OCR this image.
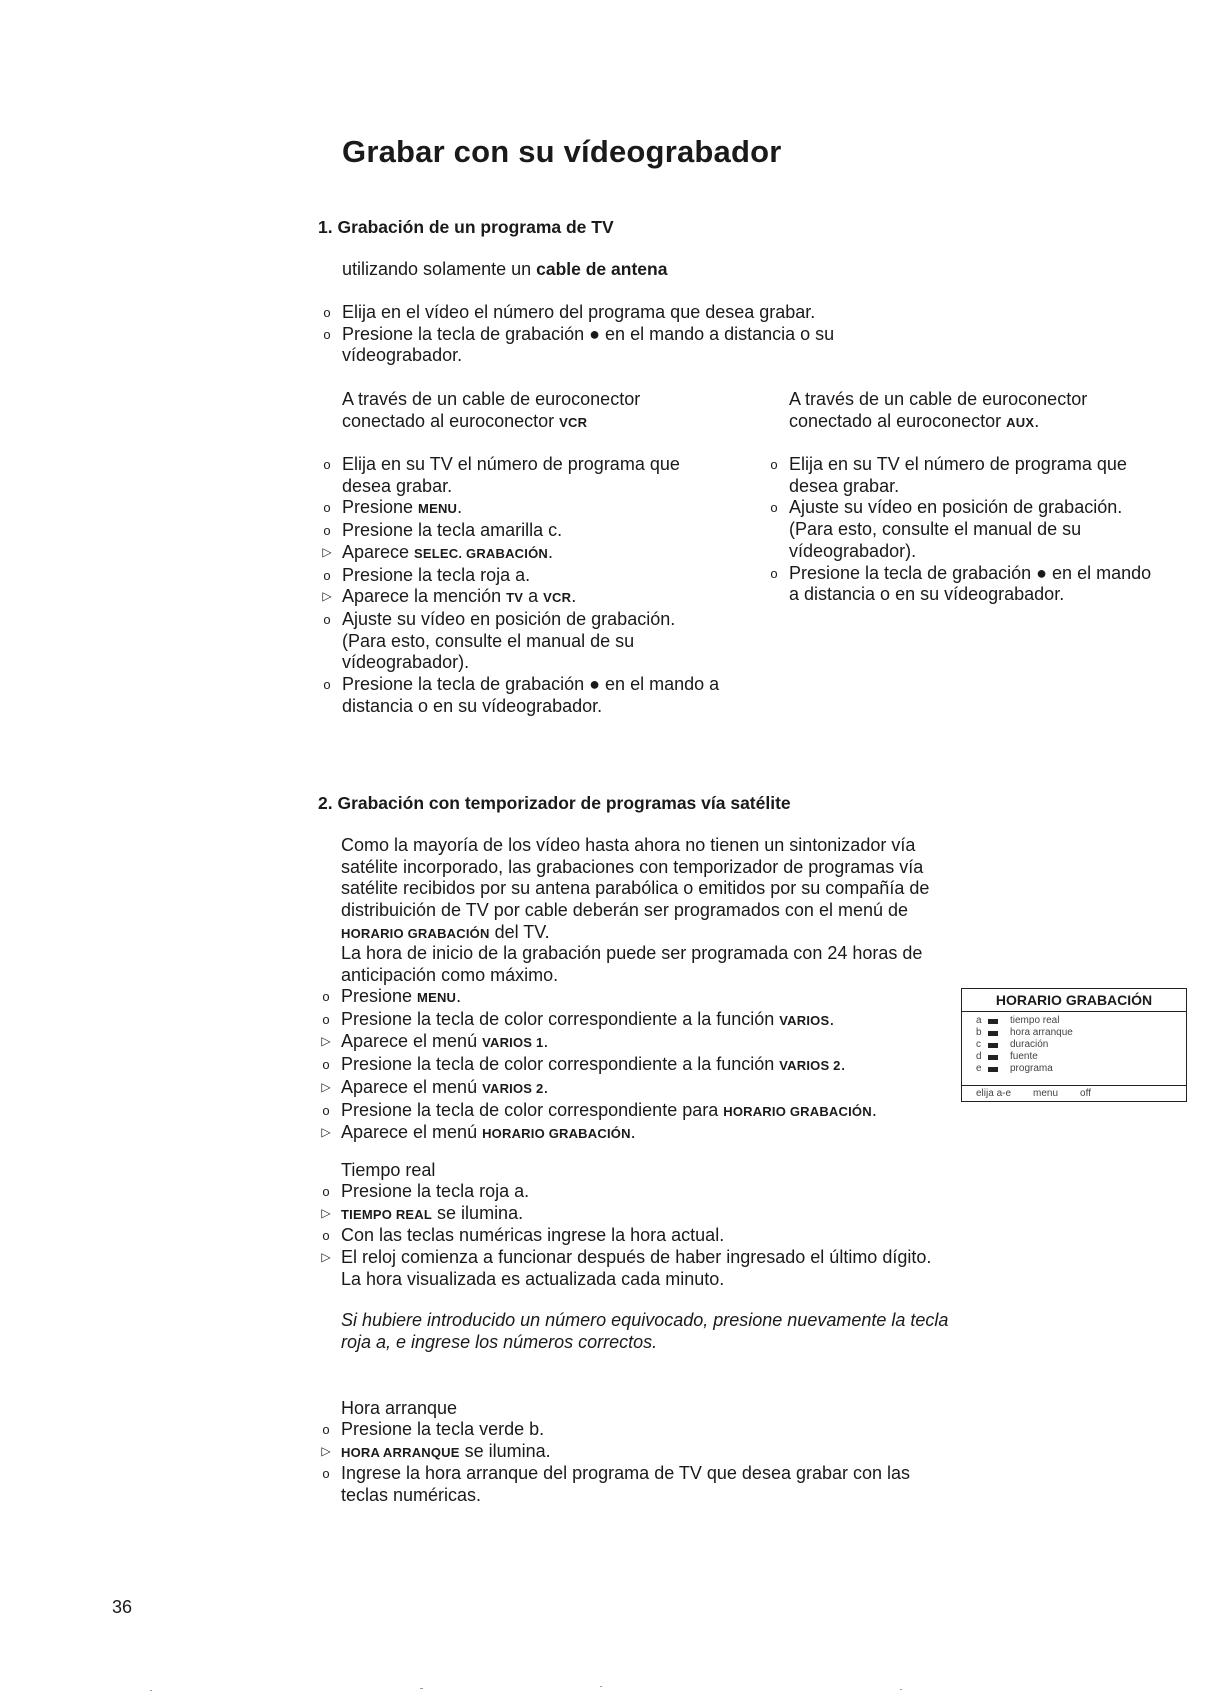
Grabar con su vídeograbador
1. Grabación de un programa de TV
utilizando solamente un cable de antena
o Elija en el vídeo el número del programa que desea grabar.
o Presione la tecla de grabación ● en el mando a distancia o su vídeograbador.
A través de un cable de euroconector
conectado al euroconector VCR
o Elija en su TV el número de programa que desea grabar.
o Presione MENU.
o Presione la tecla amarilla c.
▷ Aparece SELEC. GRABACIÓN.
o Presione la tecla roja a.
▷ Aparece la mención TV a VCR.
o Ajuste su vídeo en posición de grabación. (Para esto, consulte el manual de su vídeograbador).
o Presione la tecla de grabación ● en el mando a distancia o en su vídeograbador.
A través de un cable de euroconector
conectado al euroconector AUX.
o Elija en su TV el número de programa que desea grabar.
o Ajuste su vídeo en posición de grabación. (Para esto, consulte el manual de su vídeograbador).
o Presione la tecla de grabación ● en el mando a distancia o en su vídeograbador.
2. Grabación con temporizador de programas vía satélite
Como la mayoría de los vídeo hasta ahora no tienen un sintonizador vía satélite incorporado, las grabaciones con temporizador de programas vía satélite recibidos por su antena parabólica o emitidos por su compañía de distribuición de TV por cable deberán ser programados con el menú de HORARIO GRABACIÓN del TV.
La hora de inicio de la grabación puede ser programada con 24 horas de anticipación como máximo.
o Presione MENU.
o Presione la tecla de color correspondiente a la función VARIOS.
▷ Aparece el menú VARIOS 1.
o Presione la tecla de color correspondiente a la función VARIOS 2.
▷ Aparece el menú VARIOS 2.
o Presione la tecla de color correspondiente para HORARIO GRABACIÓN.
▷ Aparece el menú HORARIO GRABACIÓN.
HORARIO GRABACIÓN
a	tiempo real
b	hora arranque
c	duración
d	fuente
e	programa
elija a-e menu off
Tiempo real
o Presione la tecla roja a.
▷ TIEMPO REAL se ilumina.
o Con las teclas numéricas ingrese la hora actual.
▷ El reloj comienza a funcionar después de haber ingresado el último dígito. La hora visualizada es actualizada cada minuto.
Si hubiere introducido un número equivocado, presione nuevamente la tecla roja a, e ingrese los números correctos.
Hora arranque
o Presione la tecla verde b.
▷ HORA ARRANQUE se ilumina.
o Ingrese la hora arranque del programa de TV que desea grabar con las teclas numéricas.
36
